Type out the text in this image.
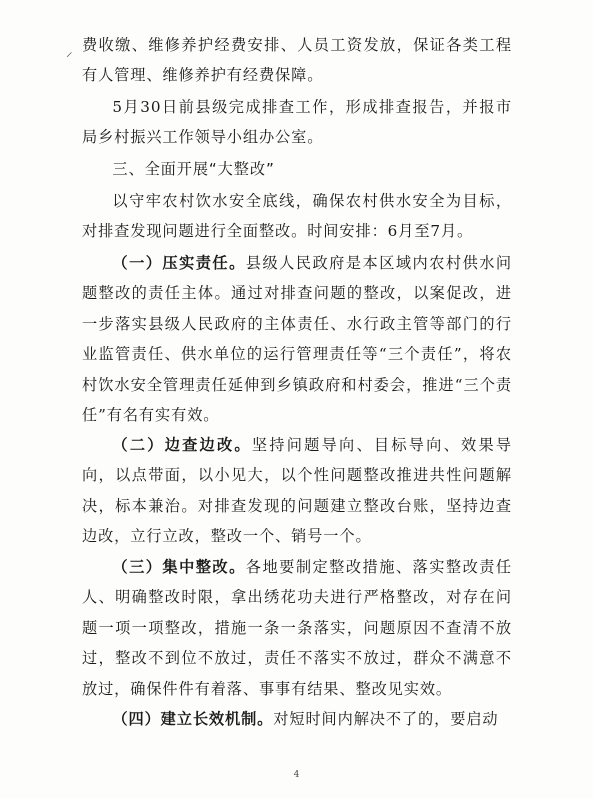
⸝ 费收缴、维修养护经费安排、人员工资发放，保证各类工程有人管理、维修养护有经费保障。

5月30日前县级完成排查工作，形成排查报告，并报市局乡村振兴工作领导小组办公室。

三、全面开展“大整改”

以守牢农村饮水安全底线，确保农村供水安全为目标，对排查发现问题进行全面整改。时间安排：6月至7月。

（一）压实责任。县级人民政府是本区域内农村供水问题整改的责任主体。通过对排查问题的整改，以案促改，进一步落实县级人民政府的主体责任、水行政主管等部门的行业监管责任、供水单位的运行管理责任等“三个责任”，将农村饮水安全管理责任延伸到乡镇政府和村委会，推进“三个责任”有名有实有效。

（二）边查边改。坚持问题导向、目标导向、效果导向，以点带面，以小见大，以个性问题整改推进共性问题解决，标本兼治。对排查发现的问题建立整改台账，坚持边查边改，立行立改，整改一个、销号一个。

（三）集中整改。各地要制定整改措施、落实整改责任人、明确整改时限，拿出绣花功夫进行严格整改，对存在问题一项一项整改，措施一条一条落实，问题原因不查清不放过，整改不到位不放过，责任不落实不放过，群众不满意不放过，确保件件有着落、事事有结果、整改见实效。

（四）建立长效机制。对短时间内解决不了的，要启动

4
